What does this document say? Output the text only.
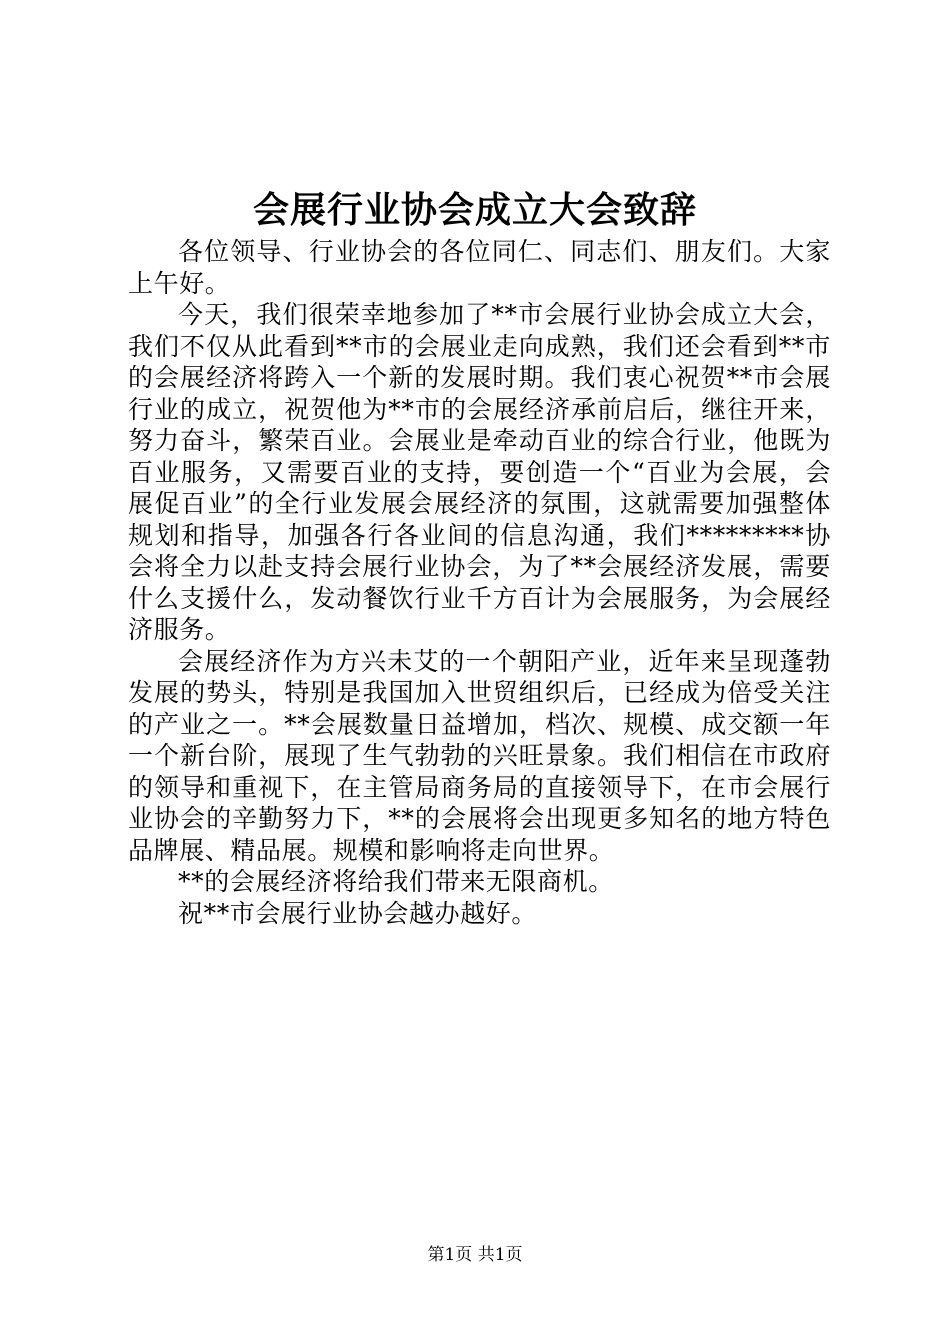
会展行业协会成立大会致辞

各位领导、行业协会的各位同仁、同志们、朋友们。大家上午好。

今天，我们很荣幸地参加了**市会展行业协会成立大会，我们不仅从此看到**市的会展业走向成熟，我们还会看到**市的会展经济将跨入一个新的发展时期。我们衷心祝贺**市会展行业的成立，祝贺他为**市的会展经济承前启后，继往开来，努力奋斗，繁荣百业。会展业是牵动百业的综合行业，他既为百业服务，又需要百业的支持，要创造一个“百业为会展，会展促百业”的全行业发展会展经济的氛围，这就需要加强整体规划和指导，加强各行各业间的信息沟通，我们*********协会将全力以赴支持会展行业协会，为了**会展经济发展，需要什么支援什么，发动餐饮行业千方百计为会展服务，为会展经济服务。

会展经济作为方兴未艾的一个朝阳产业，近年来呈现蓬勃发展的势头，特别是我国加入世贸组织后，已经成为倍受关注的产业之一。**会展数量日益增加，档次、规模、成交额一年一个新台阶，展现了生气勃勃的兴旺景象。我们相信在市政府的领导和重视下，在主管局商务局的直接领导下，在市会展行业协会的辛勤努力下，**的会展将会出现更多知名的地方特色品牌展、精品展。规模和影响将走向世界。

**的会展经济将给我们带来无限商机。

祝**市会展行业协会越办越好。

第1页 共1页
